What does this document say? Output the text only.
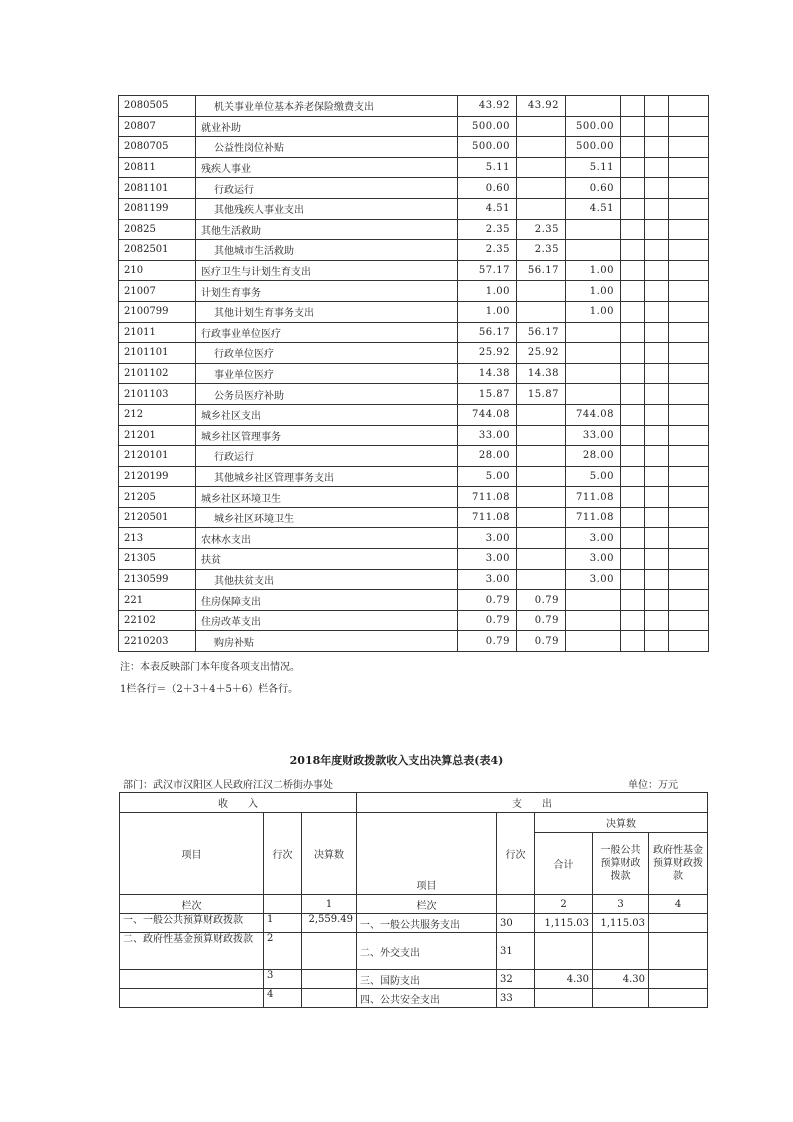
2080505	机关事业单位基本养老保险缴费支出	43.92	43.92				
20807	就业补助	500.00		500.00			
2080705	公益性岗位补贴	500.00		500.00			
20811	残疾人事业	5.11		5.11			
2081101	行政运行	0.60		0.60			
2081199	其他残疾人事业支出	4.51		4.51			
20825	其他生活救助	2.35	2.35				
2082501	其他城市生活救助	2.35	2.35				
210	医疗卫生与计划生育支出	57.17	56.17	1.00			
21007	计划生育事务	1.00		1.00			
2100799	其他计划生育事务支出	1.00		1.00			
21011	行政事业单位医疗	56.17	56.17				
2101101	行政单位医疗	25.92	25.92				
2101102	事业单位医疗	14.38	14.38				
2101103	公务员医疗补助	15.87	15.87				
212	城乡社区支出	744.08		744.08			
21201	城乡社区管理事务	33.00		33.00			
2120101	行政运行	28.00		28.00			
2120199	其他城乡社区管理事务支出	5.00		5.00			
21205	城乡社区环境卫生	711.08		711.08			
2120501	城乡社区环境卫生	711.08		711.08			
213	农林水支出	3.00		3.00			
21305	扶贫	3.00		3.00			
2130599	其他扶贫支出	3.00		3.00			
221	住房保障支出	0.79	0.79				
22102	住房改革支出	0.79	0.79				
2210203	购房补贴	0.79	0.79				
注：本表反映部门本年度各项支出情况。
1栏各行＝（2＋3＋4＋5＋6）栏各行。
2018年度财政拨款收入支出决算总表(表4)
部门：武汉市汉阳区人民政府江汉二桥街办事处	单位：万元
收　　入			支　　出				
项目	行次	决算数	项目	行次	决算数		
					合计	一般公共预算财政拨款	政府性基金预算财政拨款
栏次		1	栏次		2	3	4
一、一般公共预算财政拨款	1	2,559.49	一、一般公共服务支出	30	1,115.03	1,115.03	
二、政府性基金预算财政拨款	2		二、外交支出	31			
	3		三、国防支出	32	4.30	4.30	
	4		四、公共安全支出	33			
